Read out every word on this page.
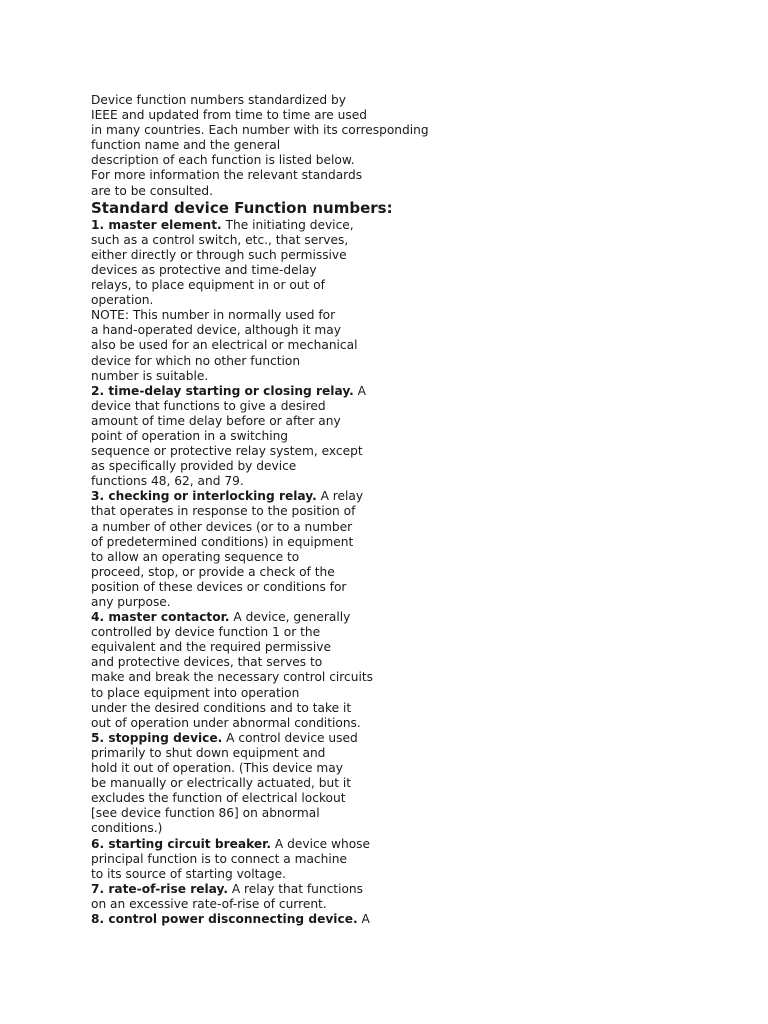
Device function numbers standardized by
IEEE and updated from time to time are used
in many countries. Each number with its corresponding
function name and the general
description of each function is listed below.
For more information the relevant standards
are to be consulted.
Standard device Function numbers:
1. master element. The initiating device,
such as a control switch, etc., that serves,
either directly or through such permissive
devices as protective and time-delay
relays, to place equipment in or out of
operation.
NOTE: This number in normally used for
a hand-operated device, although it may
also be used for an electrical or mechanical
device for which no other function
number is suitable.
2. time-delay starting or closing relay. A
device that functions to give a desired
amount of time delay before or after any
point of operation in a switching
sequence or protective relay system, except
as specifically provided by device
functions 48, 62, and 79.
3. checking or interlocking relay. A relay
that operates in response to the position of
a number of other devices (or to a number
of predetermined conditions) in equipment
to allow an operating sequence to
proceed, stop, or provide a check of the
position of these devices or conditions for
any purpose.
4. master contactor. A device, generally
controlled by device function 1 or the
equivalent and the required permissive
and protective devices, that serves to
make and break the necessary control circuits
to place equipment into operation
under the desired conditions and to take it
out of operation under abnormal conditions.
5. stopping device. A control device used
primarily to shut down equipment and
hold it out of operation. (This device may
be manually or electrically actuated, but it
excludes the function of electrical lockout
[see device function 86] on abnormal
conditions.)
6. starting circuit breaker. A device whose
principal function is to connect a machine
to its source of starting voltage.
7. rate-of-rise relay. A relay that functions
on an excessive rate-of-rise of current.
8. control power disconnecting device. A
